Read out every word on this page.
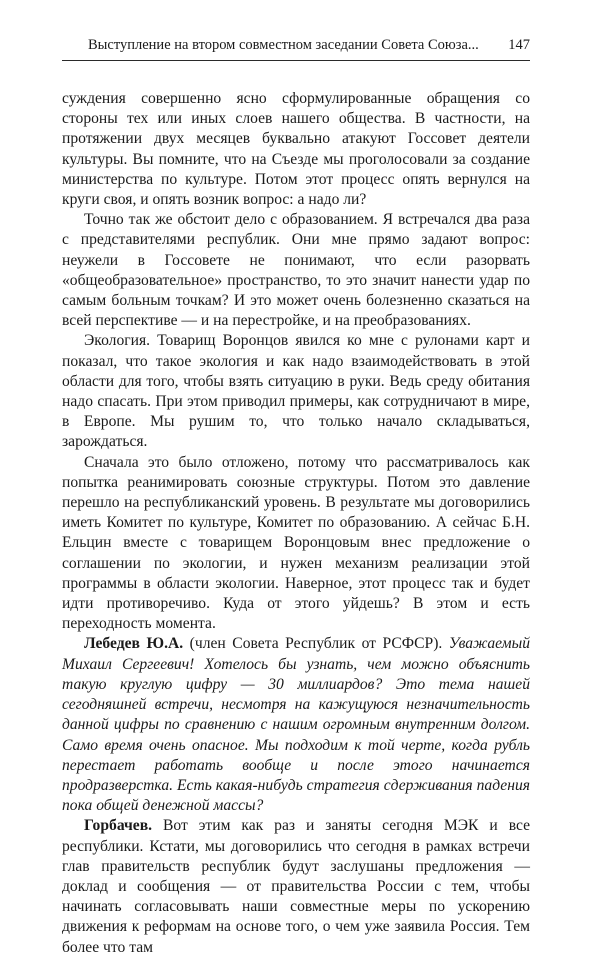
Выступление на втором совместном заседании Совета Союза... 147

суждения совершенно ясно сформулированные обращения со стороны тех или иных слоев нашего общества. В частности, на протяжении двух месяцев буквально атакуют Госсовет деятели культуры. Вы помните, что на Съезде мы проголосовали за создание министерства по культуре. Потом этот процесс опять вернулся на круги своя, и опять возник вопрос: а надо ли?

Точно так же обстоит дело с образованием. Я встречался два раза с представителями республик. Они мне прямо задают вопрос: неужели в Госсовете не понимают, что если разорвать «общеобразовательное» пространство, то это значит нанести удар по самым больным точкам? И это может очень болезненно сказаться на всей перспективе — и на перестройке, и на преобразованиях.

Экология. Товарищ Воронцов явился ко мне с рулонами карт и показал, что такое экология и как надо взаимодействовать в этой области для того, чтобы взять ситуацию в руки. Ведь среду обитания надо спасать. При этом приводил примеры, как сотрудничают в мире, в Европе. Мы рушим то, что только начало складываться, зарождаться.

Сначала это было отложено, потому что рассматривалось как попытка реанимировать союзные структуры. Потом это давление перешло на республиканский уровень. В результате мы договорились иметь Комитет по культуре, Комитет по образованию. А сейчас Б.Н. Ельцин вместе с товарищем Воронцовым внес предложение о соглашении по экологии, и нужен механизм реализации этой программы в области экологии. Наверное, этот процесс так и будет идти противоречиво. Куда от этого уйдешь? В этом и есть переходность момента.

Лебедев Ю.А. (член Совета Республик от РСФСР). Уважаемый Михаил Сергеевич! Хотелось бы узнать, чем можно объяснить такую круглую цифру — 30 миллиардов? Это тема нашей сегодняшней встречи, несмотря на кажущуюся незначительность данной цифры по сравнению с нашим огромным внутренним долгом. Само время очень опасное. Мы подходим к той черте, когда рубль перестает работать вообще и после этого начинается продразверстка. Есть какая-нибудь стратегия сдерживания падения пока общей денежной массы?

Горбачев. Вот этим как раз и заняты сегодня МЭК и все республики. Кстати, мы договорились что сегодня в рамках встречи глав правительств республик будут заслушаны предложения — доклад и сообщения — от правительства России с тем, чтобы начинать согласовывать наши совместные меры по ускорению движения к реформам на основе того, о чем уже заявила Россия. Тем более что там
